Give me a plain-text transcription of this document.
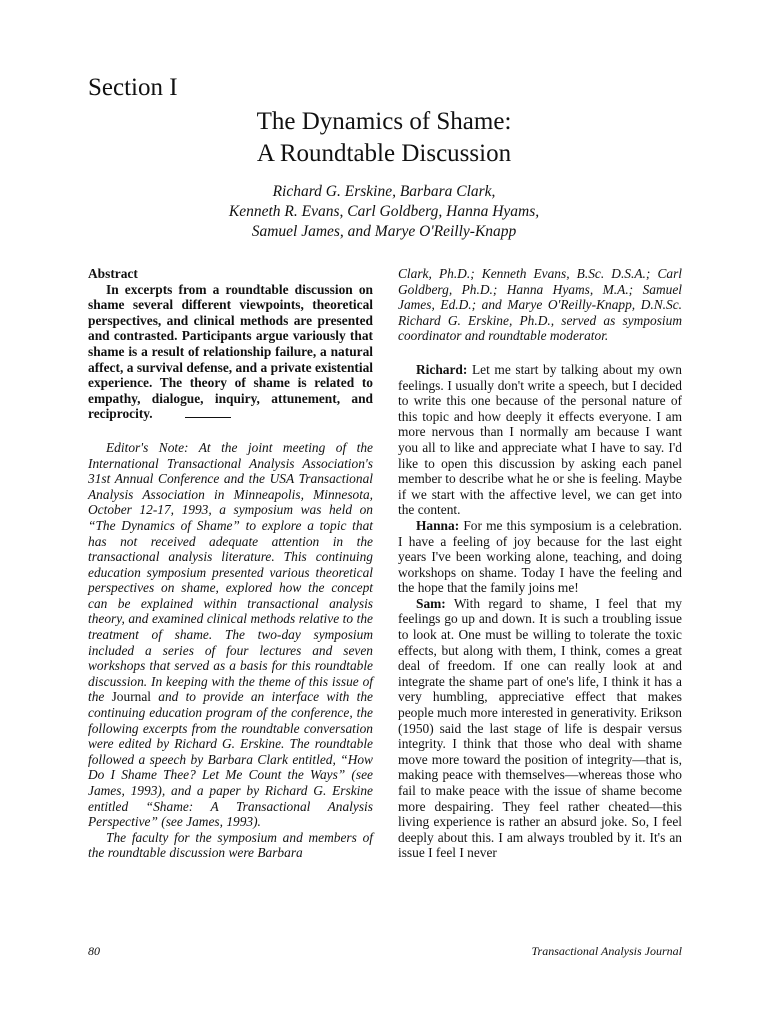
Section I
The Dynamics of Shame:
A Roundtable Discussion
Richard G. Erskine, Barbara Clark,
Kenneth R. Evans, Carl Goldberg, Hanna Hyams,
Samuel James, and Marye O'Reilly-Knapp

Abstract

In excerpts from a roundtable discussion on shame several different viewpoints, theoretical perspectives, and clinical methods are presented and contrasted. Participants argue variously that shame is a result of relationship failure, a natural affect, a survival defense, and a private existential experience. The theory of shame is related to empathy, dialogue, inquiry, attunement, and reciprocity.

Editor's Note: At the joint meeting of the International Transactional Analysis Association's 31st Annual Conference and the USA Transactional Analysis Association in Minneapolis, Minnesota, October 12-17, 1993, a symposium was held on “The Dynamics of Shame” to explore a topic that has not received adequate attention in the transactional analysis literature. This continuing education symposium presented various theoretical perspectives on shame, explored how the concept can be explained within transactional analysis theory, and examined clinical methods relative to the treatment of shame. The two-day symposium included a series of four lectures and seven workshops that served as a basis for this roundtable discussion. In keeping with the theme of this issue of the Journal and to provide an interface with the continuing education program of the conference, the following excerpts from the roundtable conversation were edited by Richard G. Erskine. The roundtable followed a speech by Barbara Clark entitled, “How Do I Shame Thee? Let Me Count the Ways” (see James, 1993), and a paper by Richard G. Erskine entitled “Shame: A Transactional Analysis Perspective” (see James, 1993).

The faculty for the symposium and members of the roundtable discussion were Barbara

Clark, Ph.D.; Kenneth Evans, B.Sc. D.S.A.; Carl Goldberg, Ph.D.; Hanna Hyams, M.A.; Samuel James, Ed.D.; and Marye O'Reilly-Knapp, D.N.Sc. Richard G. Erskine, Ph.D., served as symposium coordinator and roundtable moderator.

Richard: Let me start by talking about my own feelings. I usually don't write a speech, but I decided to write this one because of the personal nature of this topic and how deeply it effects everyone. I am more nervous than I normally am because I want you all to like and appreciate what I have to say. I'd like to open this discussion by asking each panel member to describe what he or she is feeling. Maybe if we start with the affective level, we can get into the content.

Hanna: For me this symposium is a celebration. I have a feeling of joy because for the last eight years I've been working alone, teaching, and doing workshops on shame. Today I have the feeling and the hope that the family joins me!

Sam: With regard to shame, I feel that my feelings go up and down. It is such a troubling issue to look at. One must be willing to tolerate the toxic effects, but along with them, I think, comes a great deal of freedom. If one can really look at and integrate the shame part of one's life, I think it has a very humbling, appreciative effect that makes people much more interested in generativity. Erikson (1950) said the last stage of life is despair versus integrity. I think that those who deal with shame move more toward the position of integrity—that is, making peace with themselves—whereas those who fail to make peace with the issue of shame become more despairing. They feel rather cheated—this living experience is rather an absurd joke. So, I feel deeply about this. I am always troubled by it. It's an issue I feel I never

80	Transactional Analysis Journal
